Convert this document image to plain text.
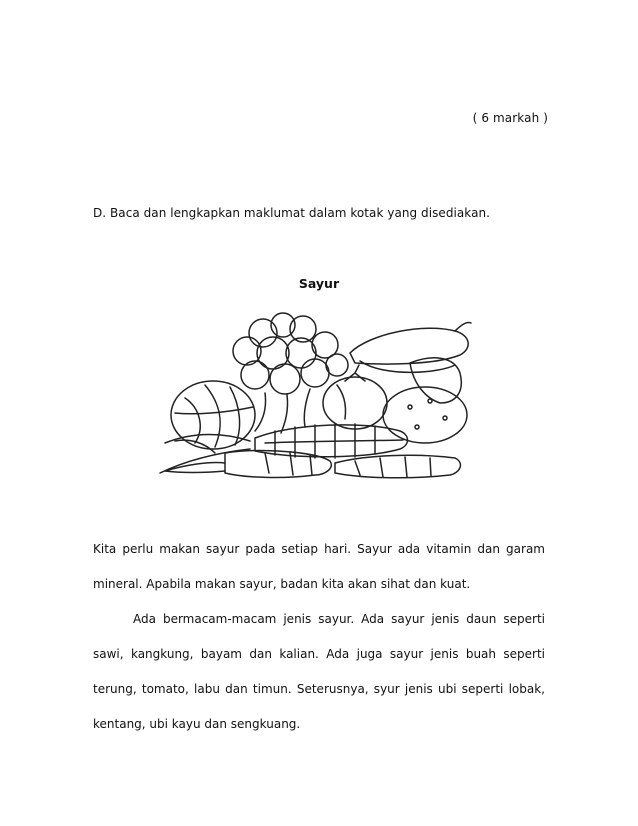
( 6 markah )
D. Baca dan lengkapkan maklumat dalam kotak yang disediakan.
Sayur

Kita perlu makan sayur pada setiap hari. Sayur ada vitamin dan garam mineral. Apabila makan sayur, badan kita akan sihat dan kuat.

Ada bermacam-macam jenis sayur. Ada sayur jenis daun seperti sawi, kangkung, bayam dan kalian. Ada juga sayur jenis buah seperti terung, tomato, labu dan timun. Seterusnya, syur jenis ubi seperti lobak, kentang, ubi kayu dan sengkuang.
